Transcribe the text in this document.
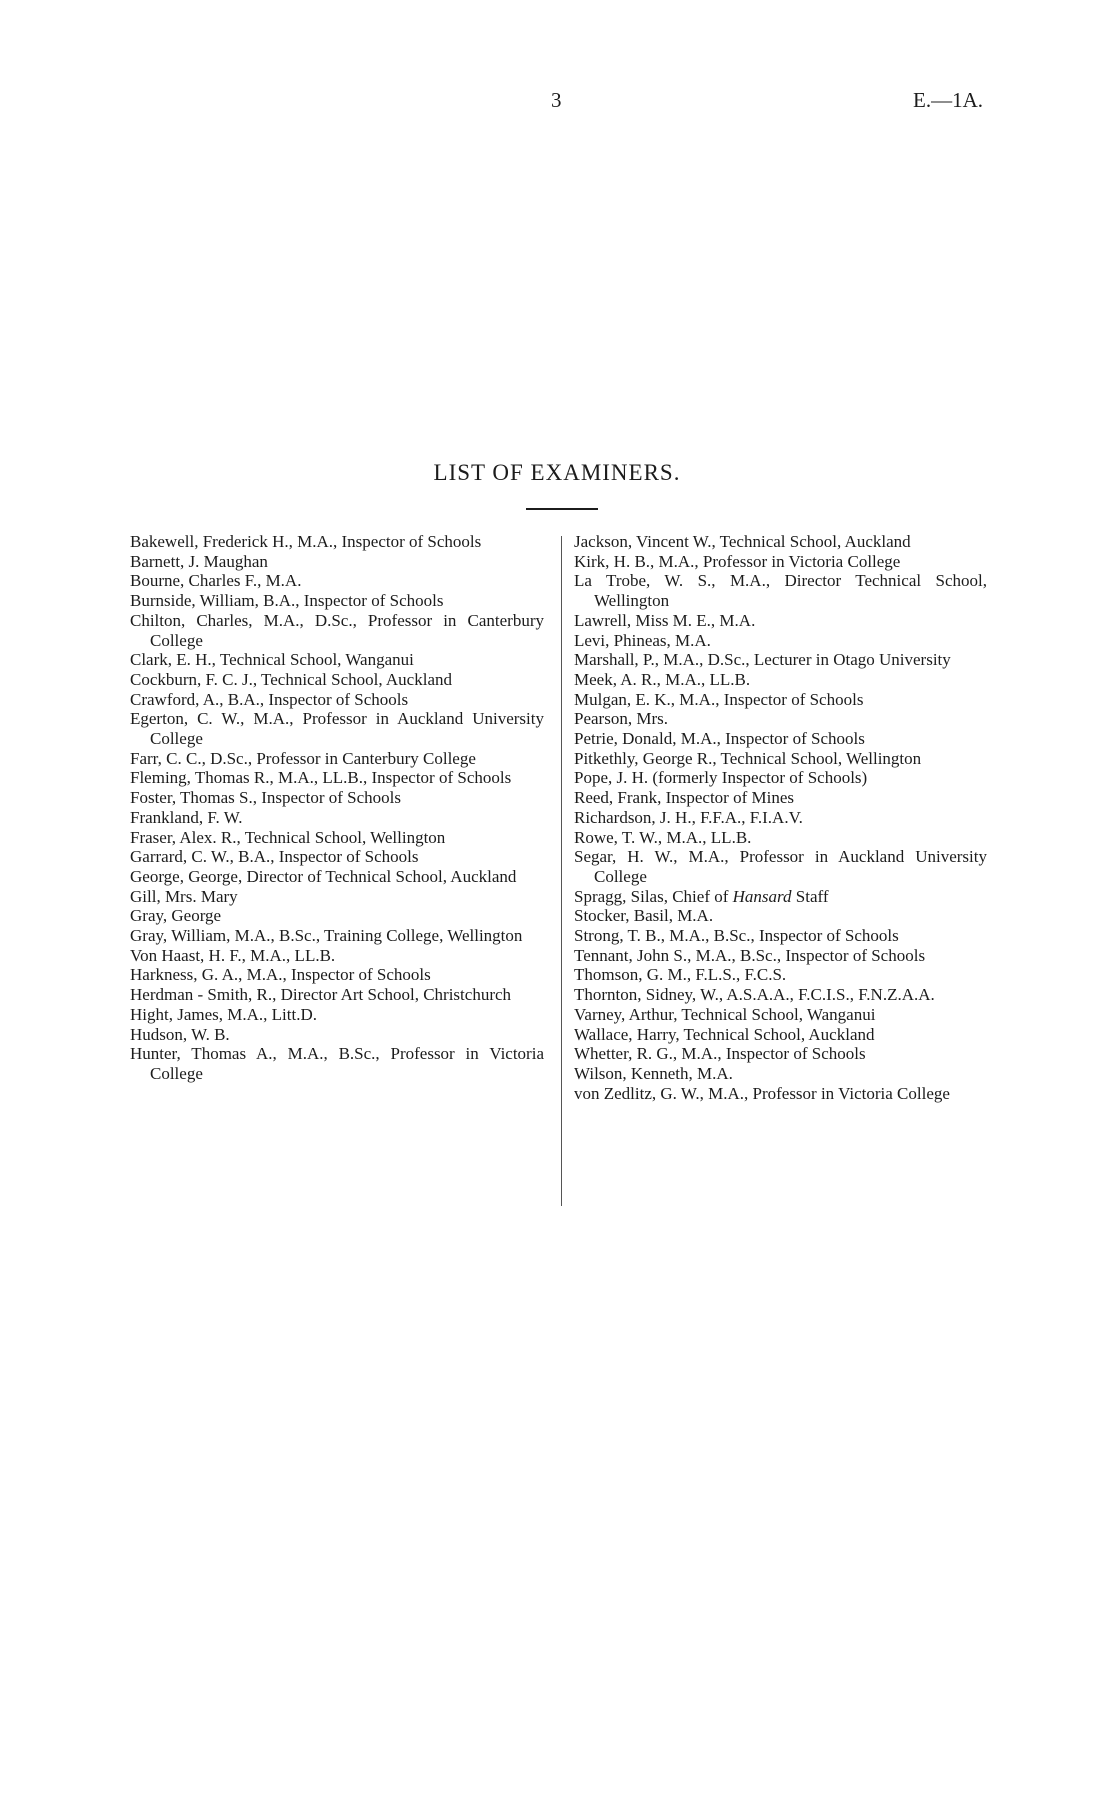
3	E.—1A.
LIST OF EXAMINERS.

Bakewell, Frederick H., M.A., Inspector of Schools

Barnett, J. Maughan

Bourne, Charles F., M.A.

Burnside, William, B.A., Inspector of Schools

Chilton, Charles, M.A., D.Sc., Professor in Canterbury College

Clark, E. H., Technical School, Wanganui

Cockburn, F. C. J., Technical School, Auckland

Crawford, A., B.A., Inspector of Schools

Egerton, C. W., M.A., Professor in Auckland University College

Farr, C. C., D.Sc., Professor in Canterbury College

Fleming, Thomas R., M.A., LL.B., Inspector of Schools

Foster, Thomas S., Inspector of Schools

Frankland, F. W.

Fraser, Alex. R., Technical School, Wellington

Garrard, C. W., B.A., Inspector of Schools

George, George, Director of Technical School, Auckland

Gill, Mrs. Mary

Gray, George

Gray, William, M.A., B.Sc., Training College, Wellington

Von Haast, H. F., M.A., LL.B.

Harkness, G. A., M.A., Inspector of Schools

Herdman - Smith, R., Director Art School, Christchurch

Hight, James, M.A., Litt.D.

Hudson, W. B.

Hunter, Thomas A., M.A., B.Sc., Professor in Victoria College

Jackson, Vincent W., Technical School, Auckland

Kirk, H. B., M.A., Professor in Victoria College

La Trobe, W. S., M.A., Director Technical School, Wellington

Lawrell, Miss M. E., M.A.

Levi, Phineas, M.A.

Marshall, P., M.A., D.Sc., Lecturer in Otago University

Meek, A. R., M.A., LL.B.

Mulgan, E. K., M.A., Inspector of Schools

Pearson, Mrs.

Petrie, Donald, M.A., Inspector of Schools

Pitkethly, George R., Technical School, Wellington

Pope, J. H. (formerly Inspector of Schools)

Reed, Frank, Inspector of Mines

Richardson, J. H., F.F.A., F.I.A.V.

Rowe, T. W., M.A., LL.B.

Segar, H. W., M.A., Professor in Auckland University College

Spragg, Silas, Chief of Hansard Staff

Stocker, Basil, M.A.

Strong, T. B., M.A., B.Sc., Inspector of Schools

Tennant, John S., M.A., B.Sc., Inspector of Schools

Thomson, G. M., F.L.S., F.C.S.

Thornton, Sidney, W., A.S.A.A., F.C.I.S., F.N.Z.A.A.

Varney, Arthur, Technical School, Wanganui

Wallace, Harry, Technical School, Auckland

Whetter, R. G., M.A., Inspector of Schools

Wilson, Kenneth, M.A.

von Zedlitz, G. W., M.A., Professor in Victoria College
